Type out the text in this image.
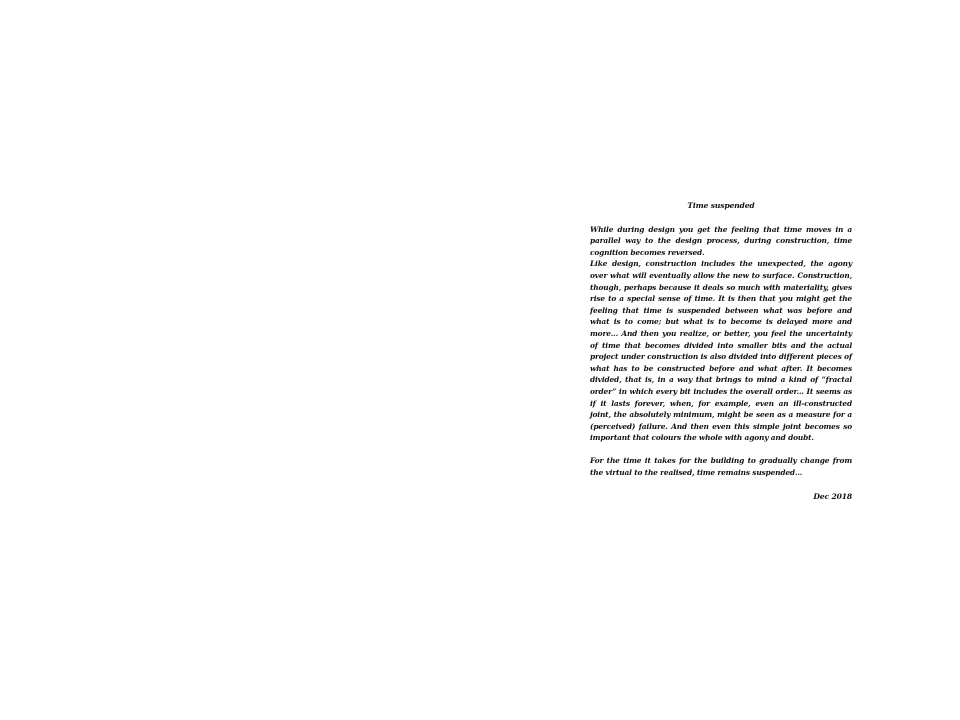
Time suspended

While during design you get the feeling that time moves in a parallel way to the design process, during construction, time cognition becomes reversed.

Like design, construction includes the unexpected, the agony over what will eventually allow the new to surface. Construction, though, perhaps because it deals so much with materiality, gives rise to a special sense of time. It is then that you might get the feeling that time is suspended between what was before and what is to come; but what is to become is delayed more and more... And then you realize, or better, you feel the uncertainty of time that becomes divided into smaller bits and the actual project under construction is also divided into different pieces of what has to be constructed before and what after. It becomes divided, that is, in a way that brings to mind a kind of “fractal order” in which every bit includes the overall order... It seems as if it lasts forever, when, for example, even an ill-constructed joint, the absolutely minimum, might be seen as a measure for a (perceived) failure. And then even this simple joint becomes so important that colours the whole with agony and doubt.

For the time it takes for the building to gradually change from the virtual to the realised, time remains suspended...

Dec 2018
